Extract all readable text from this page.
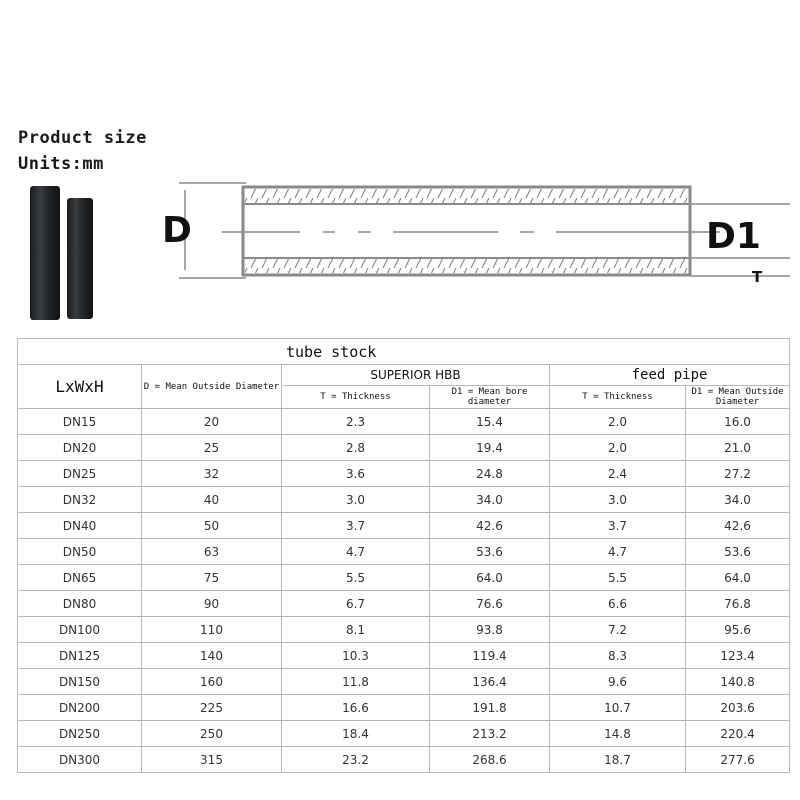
Product size
Units:mm
D	D1
T
tube stock					
LxWxH	D = Mean Outside Diameter	SUPERIOR HBB		feed pipe	
		T = Thickness	D1 = Mean bore diameter	T = Thickness	D1 = Mean Outside Diameter
DN15	20	2.3	15.4	2.0	16.0
DN20	25	2.8	19.4	2.0	21.0
DN25	32	3.6	24.8	2.4	27.2
DN32	40	3.0	34.0	3.0	34.0
DN40	50	3.7	42.6	3.7	42.6
DN50	63	4.7	53.6	4.7	53.6
DN65	75	5.5	64.0	5.5	64.0
DN80	90	6.7	76.6	6.6	76.8
DN100	110	8.1	93.8	7.2	95.6
DN125	140	10.3	119.4	8.3	123.4
DN150	160	11.8	136.4	9.6	140.8
DN200	225	16.6	191.8	10.7	203.6
DN250	250	18.4	213.2	14.8	220.4
DN300	315	23.2	268.6	18.7	277.6
